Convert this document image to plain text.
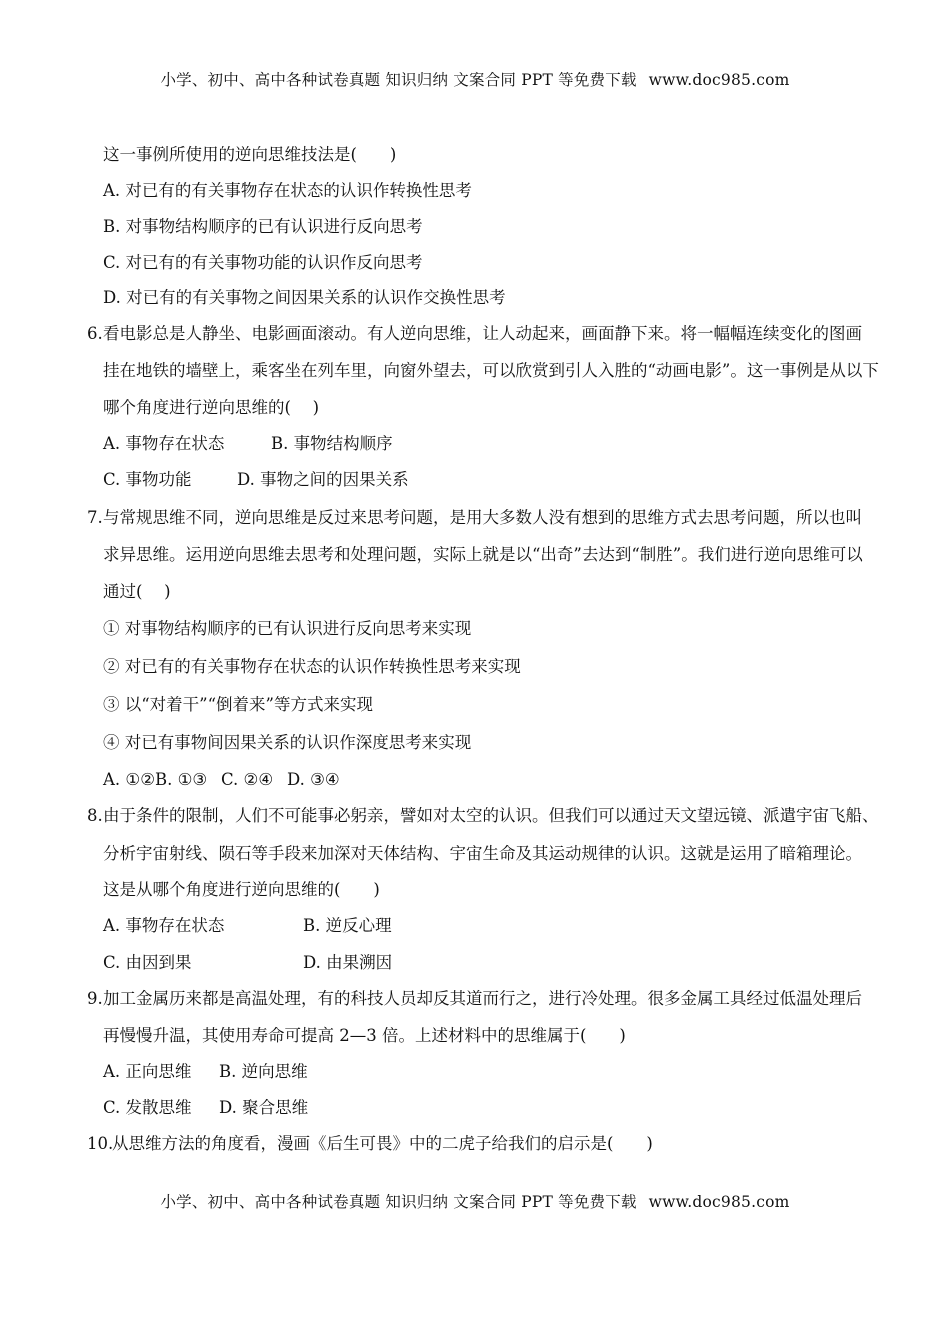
小学、初中、高中各种试卷真题 知识归纳 文案合同 PPT 等免费下载 www.doc985.com
这一事例所使用的逆向思维技法是(　　)
A. 对已有的有关事物存在状态的认识作转换性思考
B. 对事物结构顺序的已有认识进行反向思考
C. 对已有的有关事物功能的认识作反向思考
D. 对已有的有关事物之间因果关系的认识作交换性思考
6. 看电影总是人静坐、电影画面滚动。有人逆向思维，让人动起来，画面静下来。将一幅幅连续变化的图画
挂在地铁的墙壁上，乘客坐在列车里，向窗外望去，可以欣赏到引人入胜的“动画电影”。这一事例是从以下
哪个角度进行逆向思维的(　 )
A. 事物存在状态	B. 事物结构顺序
C. 事物功能	D. 事物之间的因果关系
7. 与常规思维不同，逆向思维是反过来思考问题，是用大多数人没有想到的思维方式去思考问题，所以也叫
求异思维。运用逆向思维去思考和处理问题，实际上就是以“出奇”去达到“制胜”。我们进行逆向思维可以
通过(　 )
① 对事物结构顺序的已有认识进行反向思考来实现
② 对已有的有关事物存在状态的认识作转换性思考来实现
③ 以“对着干”“倒着来”等方式来实现
④ 对已有事物间因果关系的认识作深度思考来实现
A. ①② B. ①③ C. ②④ D. ③④
8. 由于条件的限制，人们不可能事必躬亲，譬如对太空的认识。但我们可以通过天文望远镜、派遣宇宙飞船、
分析宇宙射线、陨石等手段来加深对天体结构、宇宙生命及其运动规律的认识。这就是运用了暗箱理论。
这是从哪个角度进行逆向思维的(　　)
A. 事物存在状态	B. 逆反心理
C. 由因到果	D. 由果溯因
9. 加工金属历来都是高温处理，有的科技人员却反其道而行之，进行冷处理。很多金属工具经过低温处理后
再慢慢升温，其使用寿命可提高 2—3 倍。上述材料中的思维属于(　　)
A. 正向思维 B. 逆向思维
C. 发散思维 D. 聚合思维
10.
从思维方法的角度看，漫画《后生可畏》中的二虎子给我们的启示是(　　)
小学、初中、高中各种试卷真题 知识归纳 文案合同 PPT 等免费下载 www.doc985.com
